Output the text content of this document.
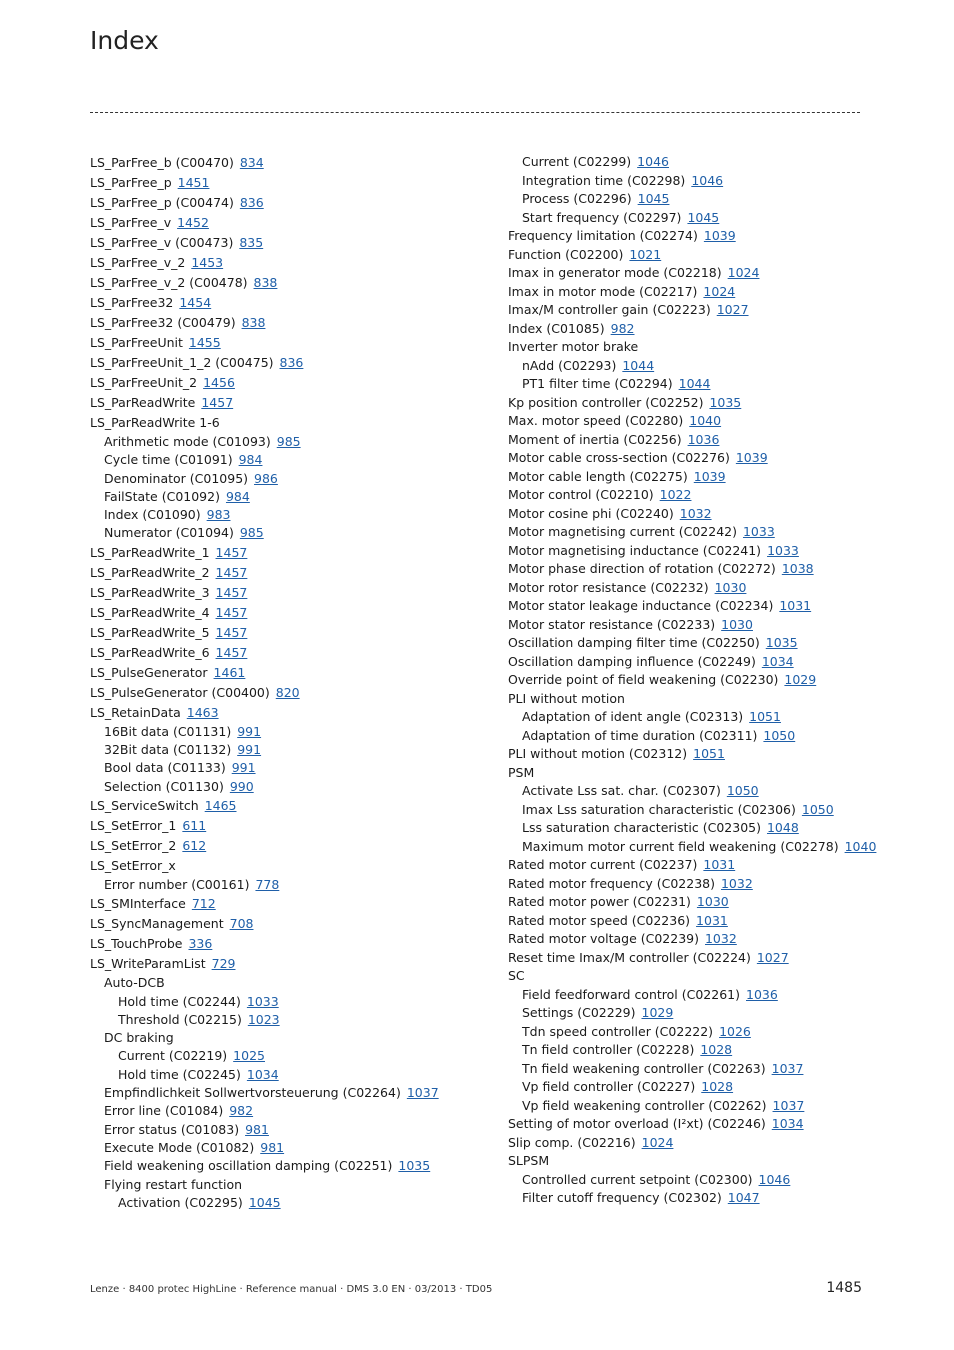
Index
LS_ParFree_b (C00470) 834
LS_ParFree_p 1451
LS_ParFree_p (C00474) 836
LS_ParFree_v 1452
LS_ParFree_v (C00473) 835
LS_ParFree_v_2 1453
LS_ParFree_v_2 (C00478) 838
LS_ParFree32 1454
LS_ParFree32 (C00479) 838
LS_ParFreeUnit 1455
LS_ParFreeUnit_1_2 (C00475) 836
LS_ParFreeUnit_2 1456
LS_ParReadWrite 1457
LS_ParReadWrite 1-6
Arithmetic mode (C01093) 985
Cycle time (C01091) 984
Denominator (C01095) 986
FailState (C01092) 984
Index (C01090) 983
Numerator (C01094) 985
LS_ParReadWrite_1 1457
LS_ParReadWrite_2 1457
LS_ParReadWrite_3 1457
LS_ParReadWrite_4 1457
LS_ParReadWrite_5 1457
LS_ParReadWrite_6 1457
LS_PulseGenerator 1461
LS_PulseGenerator (C00400) 820
LS_RetainData 1463
16Bit data (C01131) 991
32Bit data (C01132) 991
Bool data (C01133) 991
Selection (C01130) 990
LS_ServiceSwitch 1465
LS_SetError_1 611
LS_SetError_2 612
LS_SetError_x
Error number (C00161) 778
LS_SMInterface 712
LS_SyncManagement 708
LS_TouchProbe 336
LS_WriteParamList 729
Auto-DCB
Hold time (C02244) 1033
Threshold (C02215) 1023
DC braking
Current (C02219) 1025
Hold time (C02245) 1034
Empfindlichkeit Sollwertvorsteuerung (C02264) 1037
Error line (C01084) 982
Error status (C01083) 981
Execute Mode (C01082) 981
Field weakening oscillation damping (C02251) 1035
Flying restart function
Activation (C02295) 1045
Current (C02299) 1046
Integration time (C02298) 1046
Process (C02296) 1045
Start frequency (C02297) 1045
Frequency limitation (C02274) 1039
Function (C02200) 1021
Imax in generator mode (C02218) 1024
Imax in motor mode (C02217) 1024
Imax/M controller gain (C02223) 1027
Index (C01085) 982
Inverter motor brake
nAdd (C02293) 1044
PT1 filter time (C02294) 1044
Kp position controller (C02252) 1035
Max. motor speed (C02280) 1040
Moment of inertia (C02256) 1036
Motor cable cross-section (C02276) 1039
Motor cable length (C02275) 1039
Motor control (C02210) 1022
Motor cosine phi (C02240) 1032
Motor magnetising current (C02242) 1033
Motor magnetising inductance (C02241) 1033
Motor phase direction of rotation (C02272) 1038
Motor rotor resistance (C02232) 1030
Motor stator leakage inductance (C02234) 1031
Motor stator resistance (C02233) 1030
Oscillation damping filter time (C02250) 1035
Oscillation damping influence (C02249) 1034
Override point of field weakening (C02230) 1029
PLI without motion
Adaptation of ident angle (C02313) 1051
Adaptation of time duration (C02311) 1050
PLI without motion (C02312) 1051
PSM
Activate Lss sat. char. (C02307) 1050
Imax Lss saturation characteristic (C02306) 1050
Lss saturation characteristic (C02305) 1048
Maximum motor current field weakening (C02278) 1040
Rated motor current (C02237) 1031
Rated motor frequency (C02238) 1032
Rated motor power (C02231) 1030
Rated motor speed (C02236) 1031
Rated motor voltage (C02239) 1032
Reset time Imax/M controller (C02224) 1027
SC
Field feedforward control (C02261) 1036
Settings (C02229) 1029
Tdn speed controller (C02222) 1026
Tn field controller (C02228) 1028
Tn field weakening controller (C02263) 1037
Vp field controller (C02227) 1028
Vp field weakening controller (C02262) 1037
Setting of motor overload (I²xt) (C02246) 1034
Slip comp. (C02216) 1024
SLPSM
Controlled current setpoint (C02300) 1046
Filter cutoff frequency (C02302) 1047
Lenze · 8400 protec HighLine · Reference manual · DMS 3.0 EN · 03/2013 · TD05	1485
